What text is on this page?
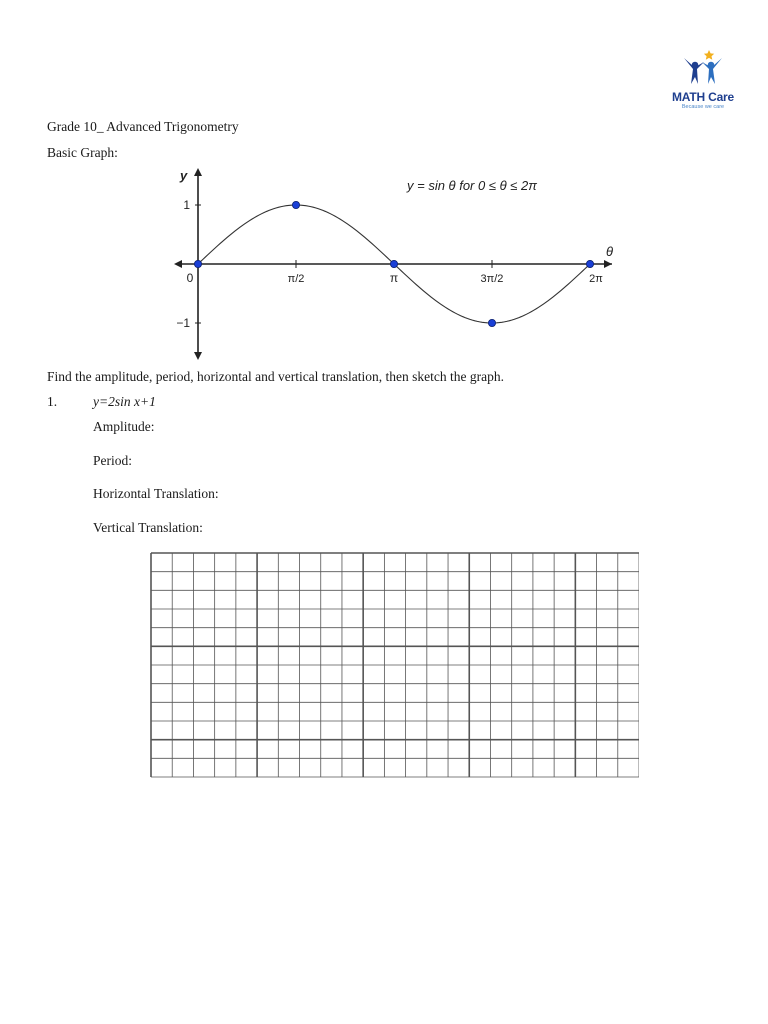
MATH Care
Because we care
Grade 10_ Advanced Trigonometry
Basic Graph:
0	π/2	π	3π/2	2π
1
−1
y = sin θ for 0 ≤ θ ≤ 2π
y
θ
Find the amplitude, period, horizontal and vertical translation, then sketch the graph.
1.	y=2sin x+1
Amplitude:
Period:
Horizontal Translation:
Vertical Translation:
